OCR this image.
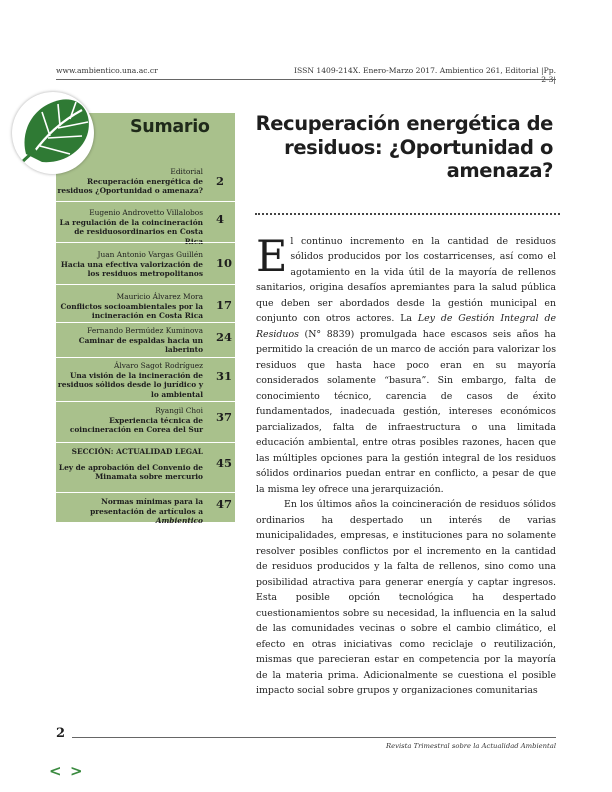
www.ambientico.una.ac.cr	ISSN 1409-214X. Enero-Marzo 2017. Ambientico 261, Editorial |Pp. 2-3|
Sumario
Editorial
Recuperación energética de residuos ¿Oportunidad o amenaza?
2
Eugenio Androvetto Villalobos
La regulación de la coincineración de residuosordinarios en Costa Rica
4
Juan Antonio Vargas Guillén
Hacia una efectiva valorización de los residuos metropolitanos
10
Mauricio Álvarez Mora
Conflictos socioambientales por la incineración en Costa Rica
17
Fernando Bermúdez Kuminova
Caminar de espaldas hacia un laberinto
24
Álvaro Sagot Rodríguez
Una visión de la incineración de residuos sólidos desde lo jurídico y lo ambiental
31
Ryangil Choi
Experiencia técnica de coincineración en Corea del Sur
37
SECCIÓN: ACTUALIDAD LEGAL
Ley de aprobación del Convenio de Minamata sobre mercurio
45
Normas mínimas para la presentación de artículos a Ambientico
47
Recuperación energética de residuos: ¿Oportunidad o amenaza?

El continuo incremento en la cantidad de residuos sólidos producidos por los costarricenses, así como el agotamiento en la vida útil de la mayoría de rellenos sanitarios, origina desafíos apremiantes para la salud pública que deben ser abordados desde la gestión municipal en conjunto con otros actores. La Ley de Gestión Integral de Residuos (N° 8839) promulgada hace escasos seis años ha permitido la creación de un marco de acción para valorizar los residuos que hasta hace poco eran en su mayoría considerados solamente “basura”. Sin embargo, falta de conocimiento técnico, carencia de casos de éxito fundamentados, inadecuada gestión, intereses económicos parcializados, falta de infraestructura o una limitada educación ambiental, entre otras posibles razones, hacen que las múltiples opciones para la gestión integral de los residuos sólidos ordinarios puedan entrar en conflicto, a pesar de que la misma ley ofrece una jerarquización.

En los últimos años la coincineración de residuos sólidos ordinarios ha despertado un interés de varias municipalidades, empresas, e instituciones para no solamente resolver posibles conflictos por el incremento en la cantidad de residuos producidos y la falta de rellenos, sino como una posibilidad atractiva para generar energía y captar ingresos. Esta posible opción tecnológica ha despertado cuestionamientos sobre su necesidad, la influencia en la salud de las comunidades vecinas o sobre el cambio climático, el efecto en otras iniciativas como reciclaje o reutilización, mismas que parecieran estar en competencia por la mayoría de la materia prima. Adicionalmente se cuestiona el posible impacto social sobre grupos y organizaciones comunitarias

2
Revista Trimestral sobre la Actualidad Ambiental
< >
